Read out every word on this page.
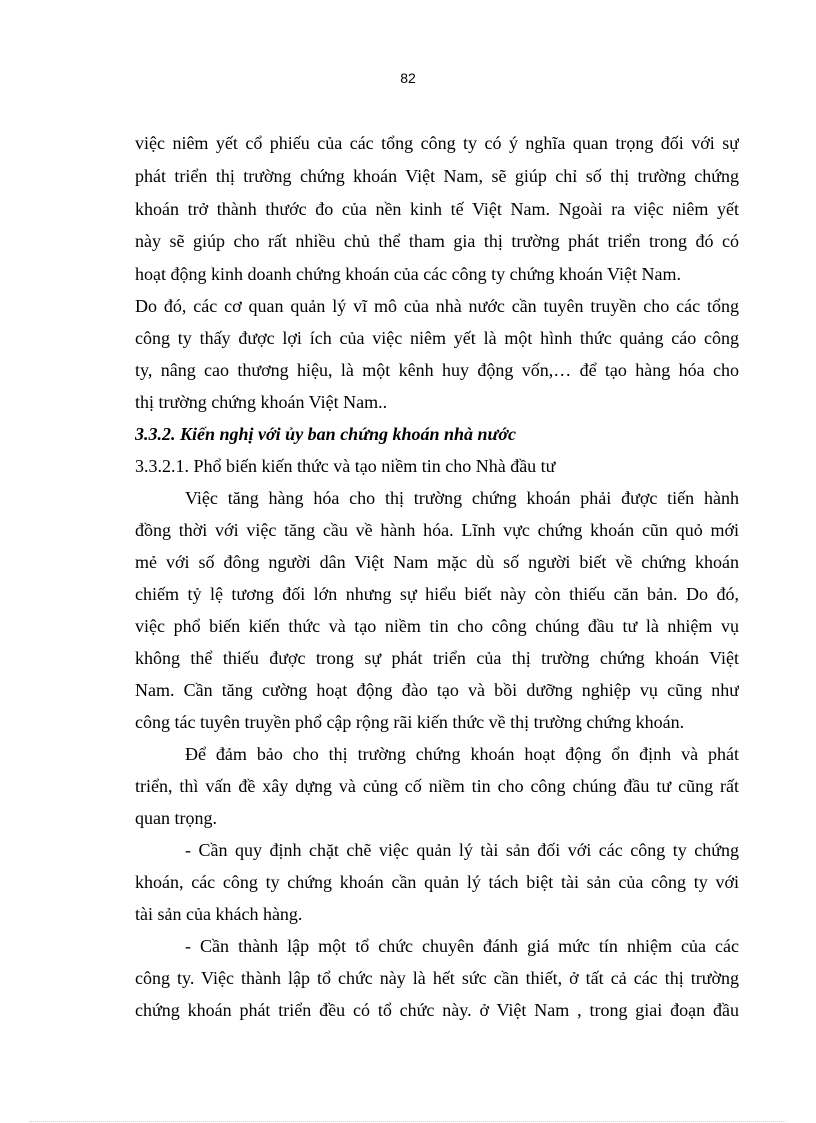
82
việc niêm yết cổ phiếu của các tổng công ty có ý nghĩa quan trọng đối với sự
phát triển thị trường chứng khoán Việt Nam, sẽ giúp chỉ số thị trường chứng
khoán trở thành thước đo của nền kinh tế Việt Nam. Ngoài ra việc niêm yết
này sẽ giúp cho rất nhiều chủ thể tham gia thị trường phát triển trong đó có
hoạt động kinh doanh chứng khoán của các công ty chứng khoán Việt Nam.
Do đó, các cơ quan quản lý vĩ mô của nhà nước cần tuyên truyền cho các tổng
công ty thấy được lợi ích của việc niêm yết là một hình thức quảng cáo công
ty, nâng cao thương hiệu, là một kênh huy động vốn,… để tạo hàng hóa cho
thị trường chứng khoán Việt Nam..
3.3.2. Kiến nghị với ủy ban chứng khoán nhà nước
3.3.2.1. Phổ biến kiến thức và tạo niềm tin cho Nhà đầu tư
Việc tăng hàng hóa cho thị trường chứng khoán phải được tiến hành
đồng thời với việc tăng cầu về hành hóa. Lĩnh vực chứng khoán cũn quỏ mới
mẻ với số đông người dân Việt Nam mặc dù số người biết về chứng khoán
chiếm tỷ lệ tương đối lớn nhưng sự hiểu biết này còn thiếu căn bản. Do đó,
việc phổ biến kiến thức và tạo niềm tin cho công chúng đầu tư là nhiệm vụ
không thể thiếu được trong sự phát triển của thị trường chứng khoán Việt
Nam. Cần tăng cường hoạt động đào tạo và bồi dưỡng nghiệp vụ cũng như
công tác tuyên truyền phổ cập rộng rãi kiến thức về thị trường chứng khoán.
Để đảm bảo cho thị trường chứng khoán hoạt động ổn định và phát
triển, thì vấn đề xây dựng và củng cố niềm tin cho công chúng đầu tư cũng rất
quan trọng.
- Cần quy định chặt chẽ việc quản lý tài sản đối với các công ty chứng
khoán, các công ty chứng khoán cần quản lý tách biệt tài sản của công ty với
tài sản của khách hàng.
- Cần thành lập một tổ chức chuyên đánh giá mức tín nhiệm của các
công ty. Việc thành lập tổ chức này là hết sức cần thiết, ở tất cả các thị trường
chứng khoán phát triển đều có tổ chức này. ở Việt Nam , trong giai đoạn đầu
